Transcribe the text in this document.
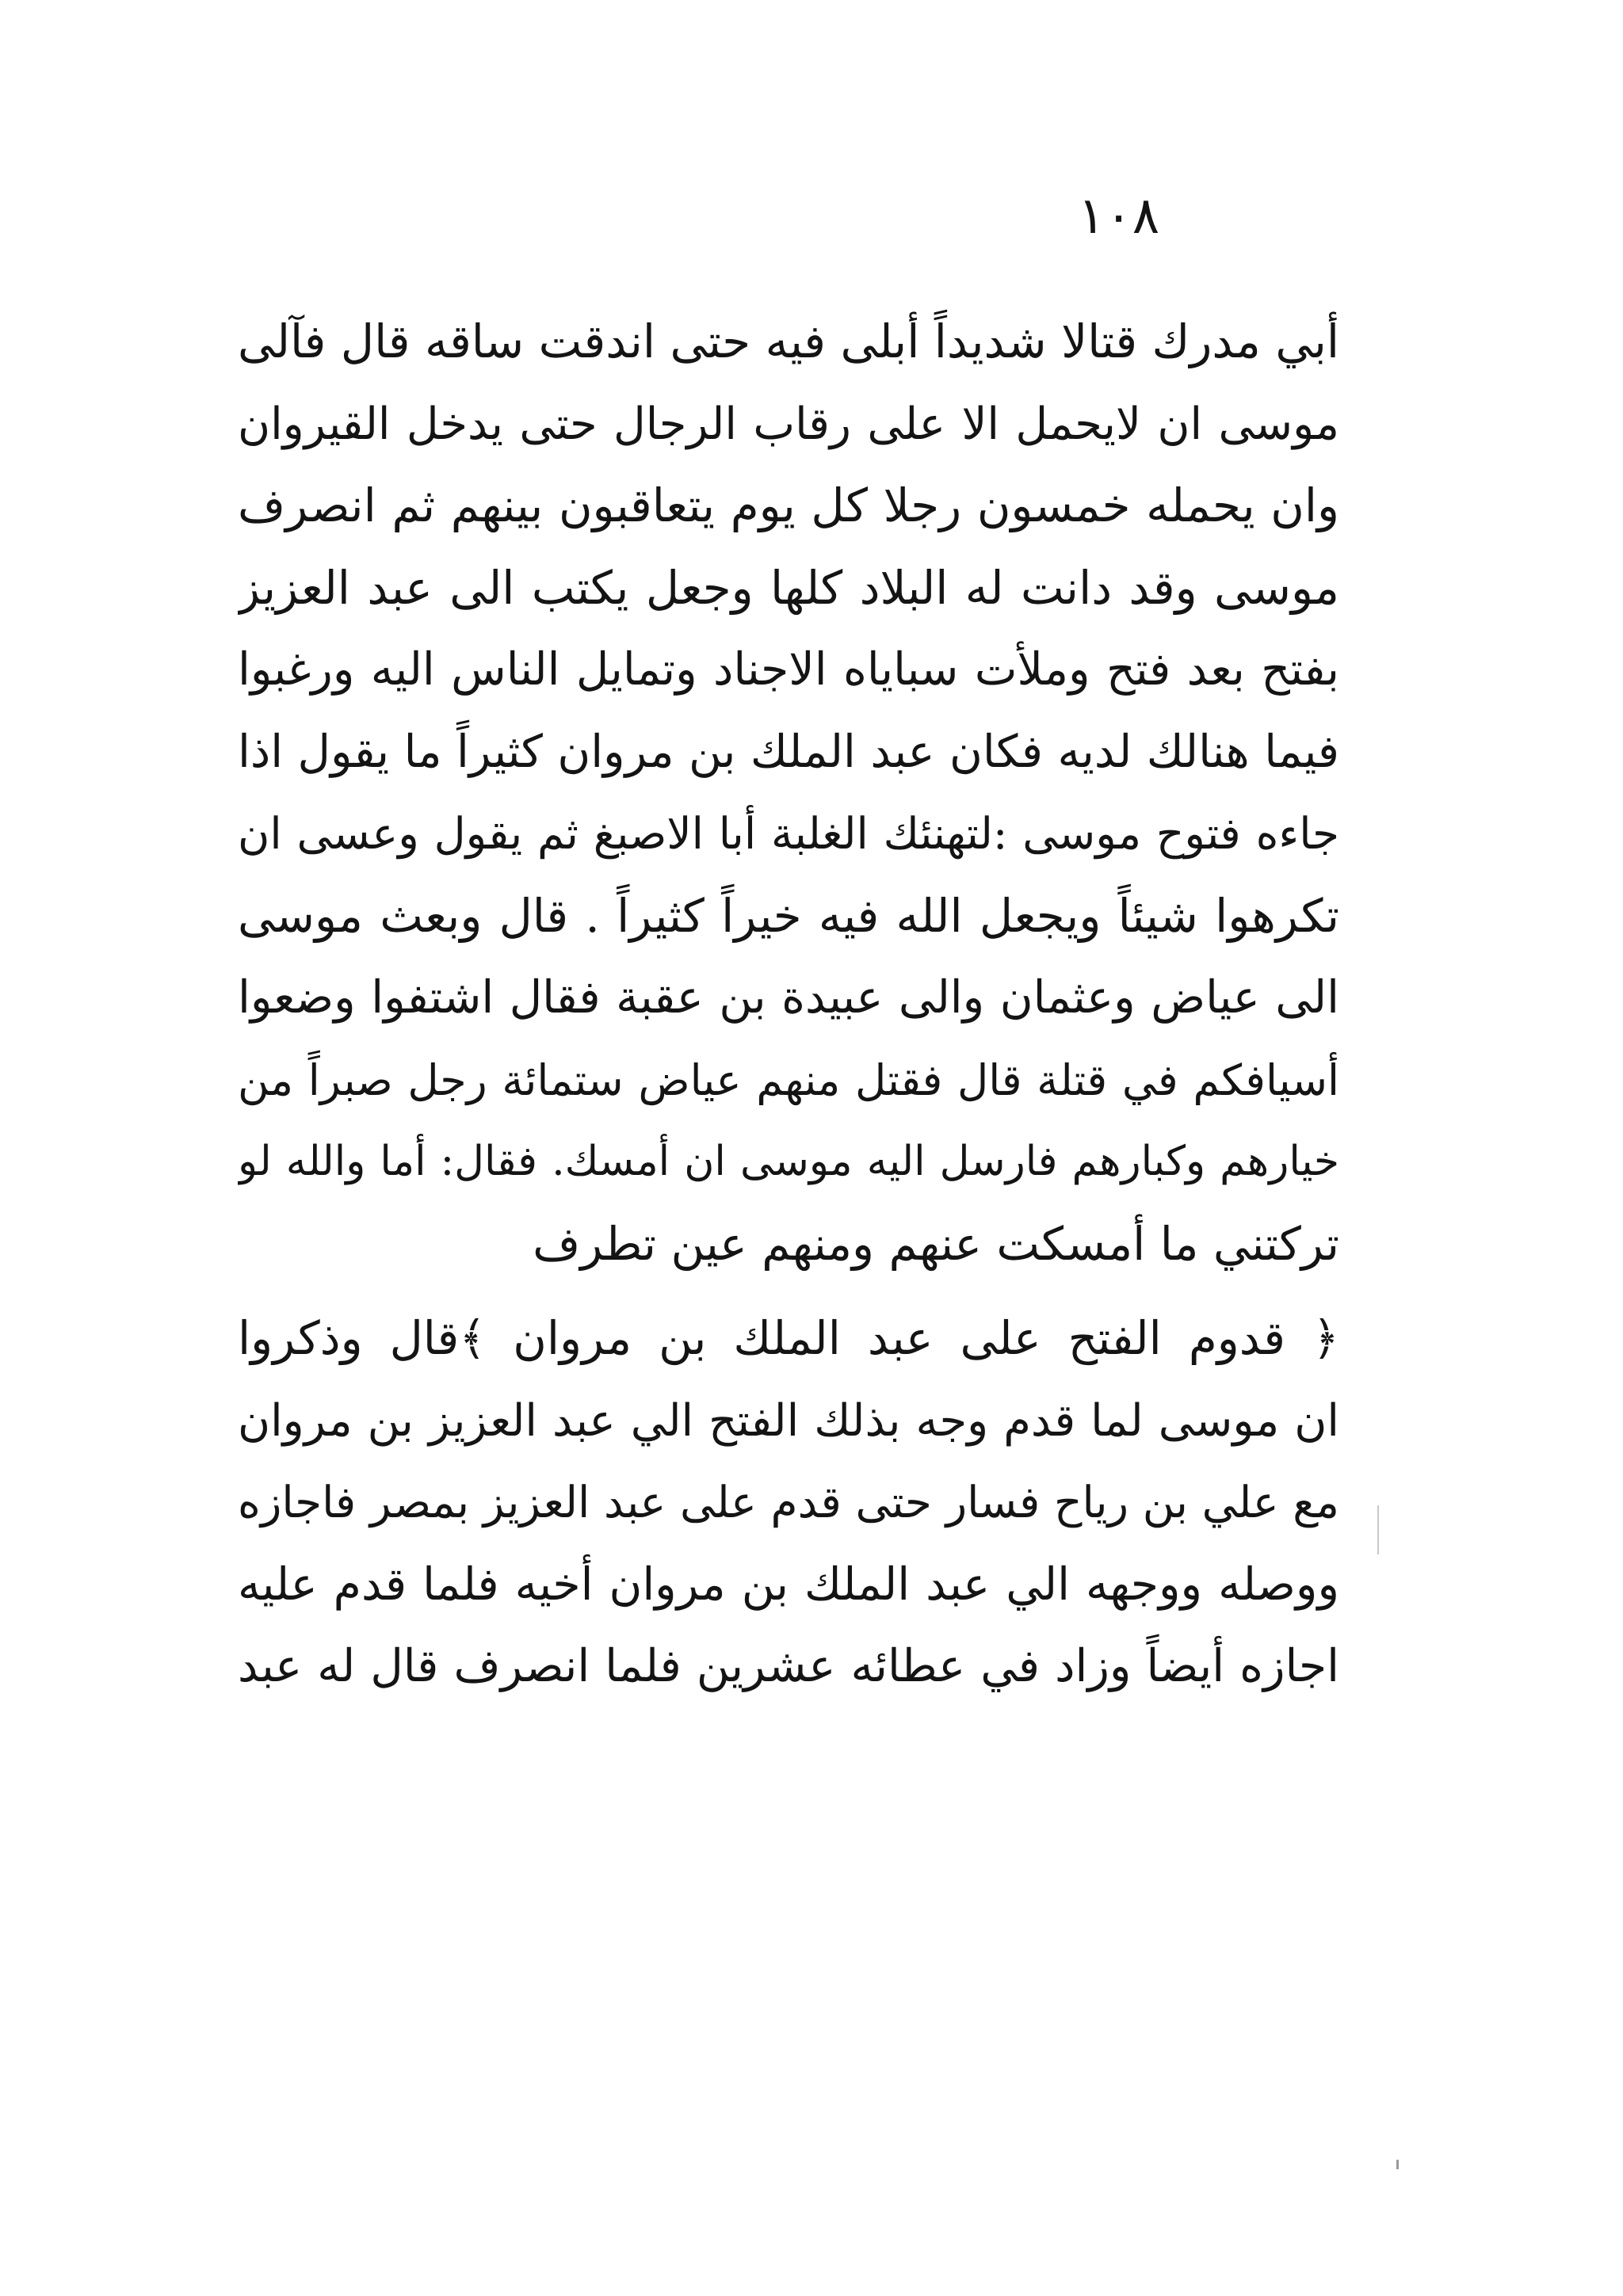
١٠٨
أبي مدرك قتالا شديداً أبلى فيه حتى اندقت ساقه قال فآلى
موسى ان لايحمل الا على رقاب الرجال حتى يدخل القيروان
وان يحمله خمسون رجلا كل يوم يتعاقبون بينهم ثم انصرف
موسى وقد دانت له البلاد كلها وجعل يكتب الى عبد العزيز
بفتح بعد فتح وملأت سباياه الاجناد وتمايل الناس اليه ورغبوا
فيما هنالك لديه فكان عبد الملك بن مروان كثيراً ما يقول اذا
جاءه فتوح موسى :لتهنئك الغلبة أبا الاصبغ ثم يقول وعسى ان
تكرهوا شيئاً ويجعل الله فيه خيراً كثيراً . قال وبعث موسى
الى عياض وعثمان والى عبيدة بن عقبة فقال اشتفوا وضعوا
أسيافكم في قتلة قال فقتل منهم عياض ستمائة رجل صبراً من
خيارهم وكبارهم فارسل اليه موسى ان أمسك. فقال: أما والله لو
تركتني ما أمسكت عنهم ومنهم عين تطرف
﴿ قدوم الفتح على عبد الملك بن مروان ﴾قال وذكروا
ان موسى لما قدم وجه بذلك الفتح الي عبد العزيز بن مروان
مع علي بن رياح فسار حتى قدم على عبد العزيز بمصر فاجازه
ووصله ووجهه الي عبد الملك بن مروان أخيه فلما قدم عليه
اجازه أيضاً وزاد في عطائه عشرين فلما انصرف قال له عبد
